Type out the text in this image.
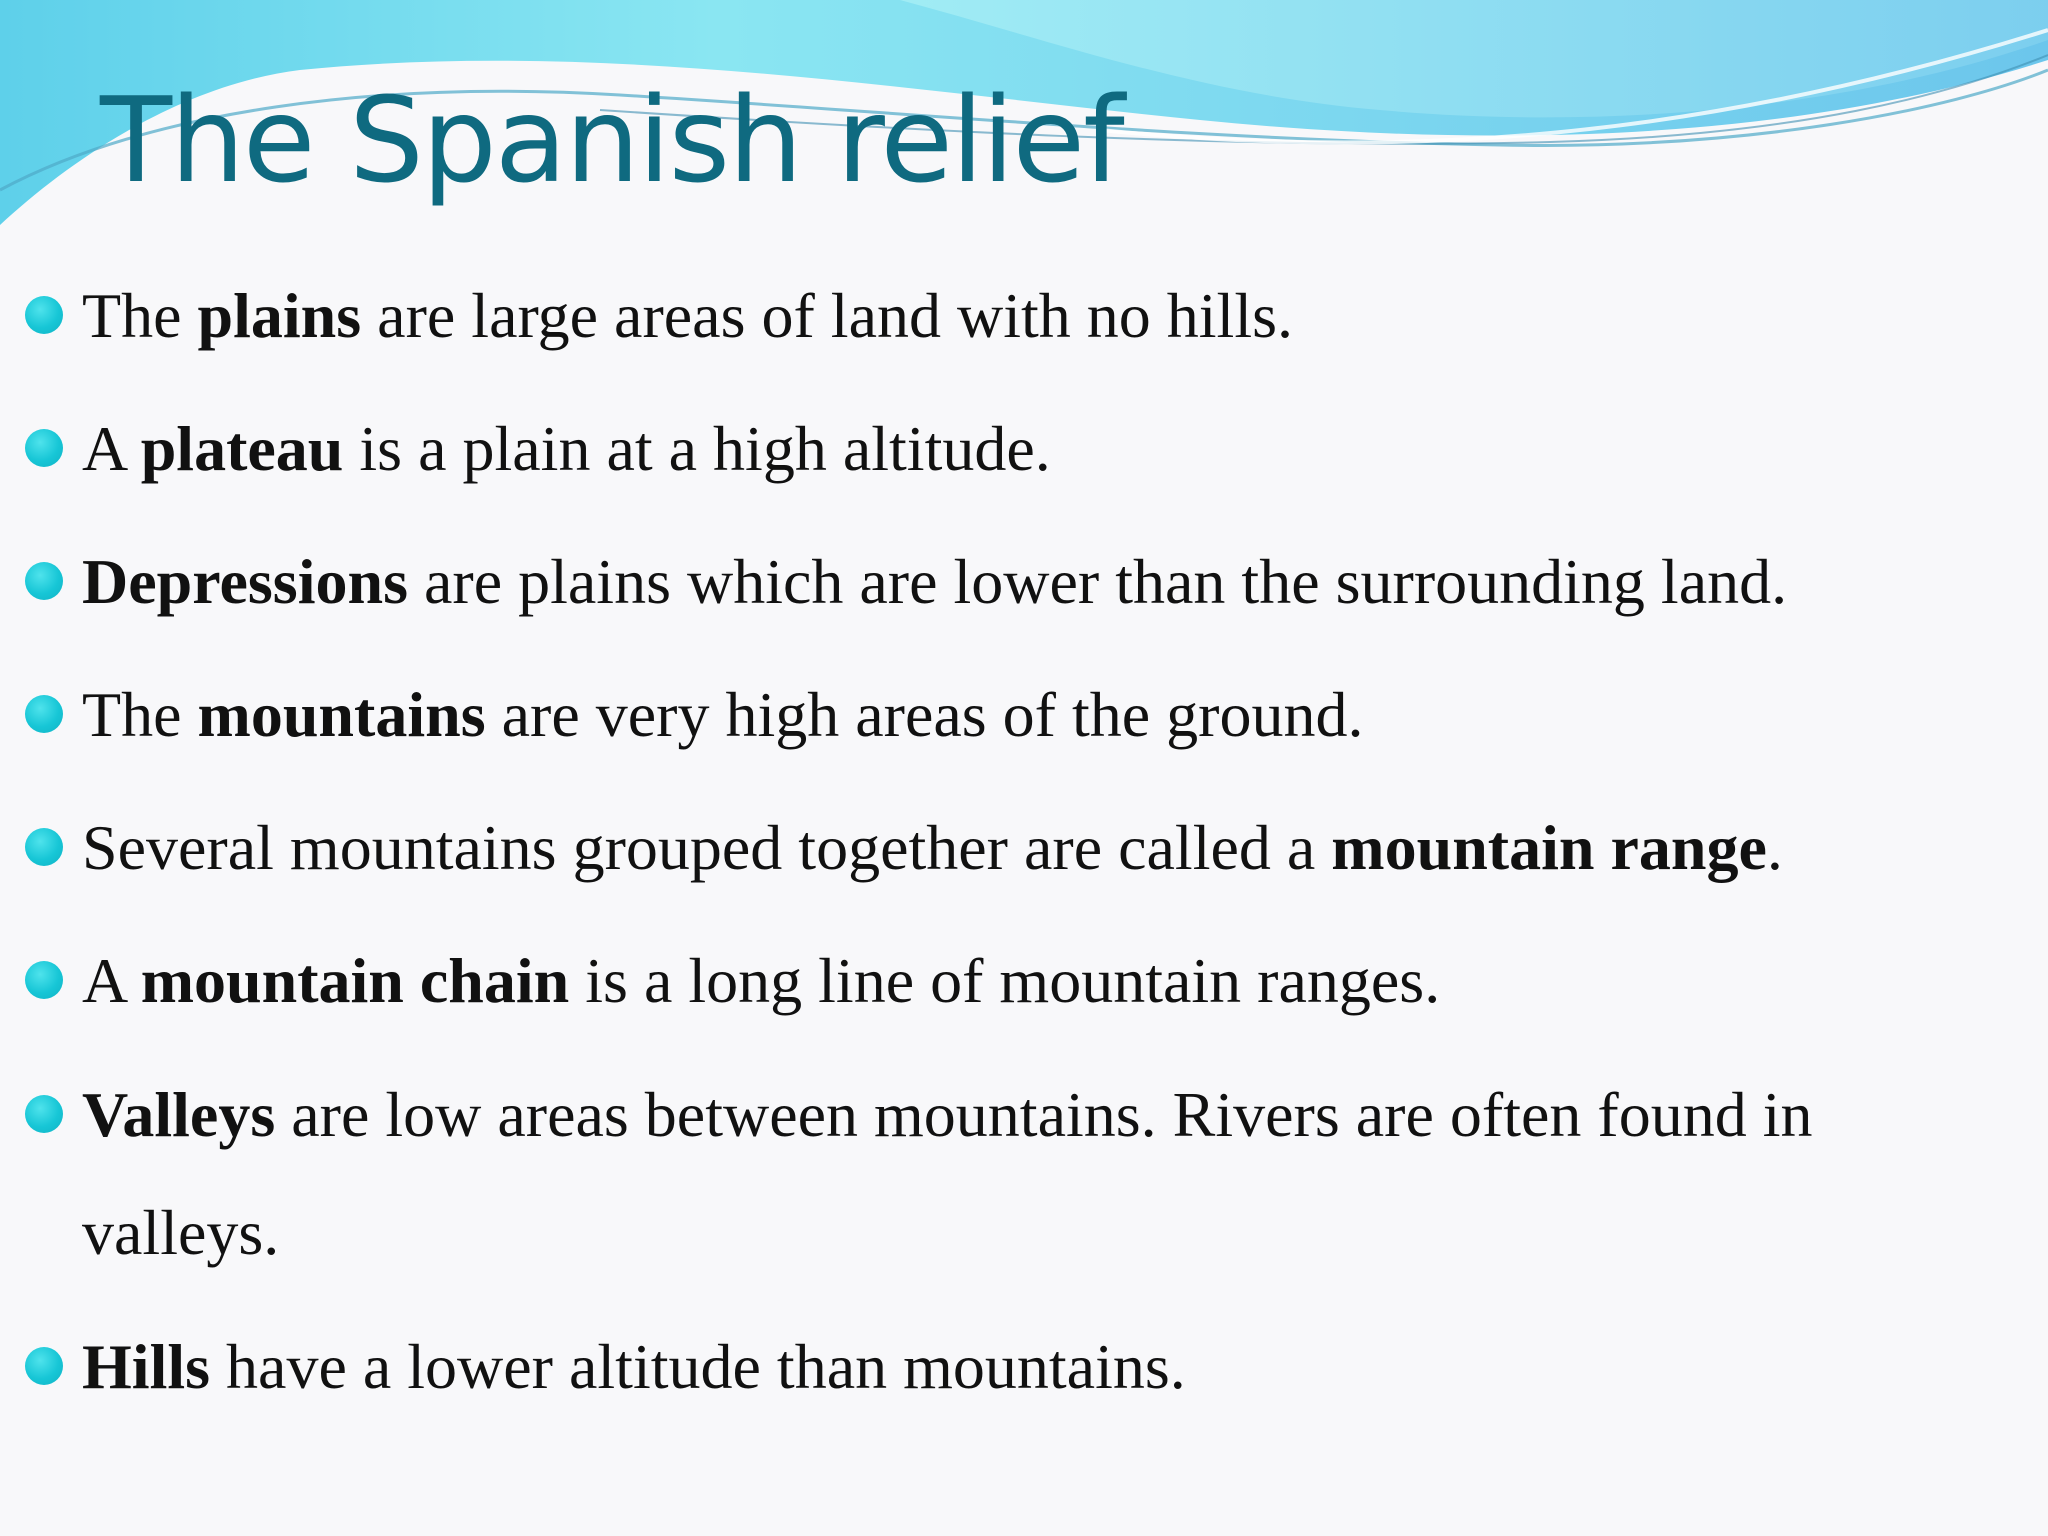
The Spanish relief
The plains are large areas of land with no hills.
A plateau is a plain at a high altitude.
Depressions are plains which are lower than the surrounding land.
The mountains are very high areas of the ground.
Several mountains grouped together are called a mountain range.
A mountain chain is a long line of mountain ranges.
Valleys are low areas between mountains. Rivers are often found in
valleys.
Hills have a lower altitude than mountains.
